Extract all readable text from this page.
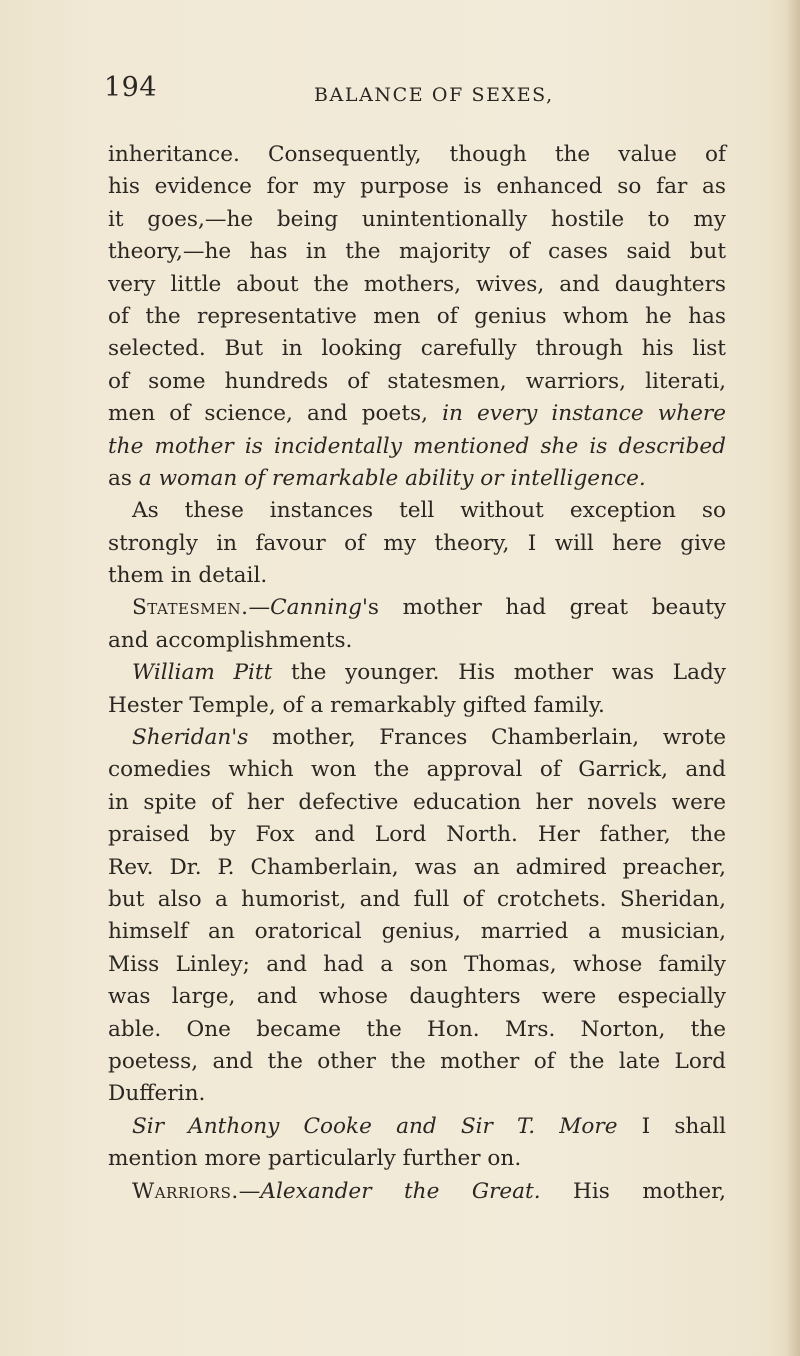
194	BALANCE OF SEXES,
inheritance. Consequently, though the value of
his evidence for my purpose is enhanced so far as
it goes,—he being unintentionally hostile to my
theory,—he has in the majority of cases said but
very little about the mothers, wives, and daughters
of the representative men of genius whom he has
selected. But in looking carefully through his list
of some hundreds of statesmen, warriors, literati,
men of science, and poets, in every instance where
the mother is incidentally mentioned she is described
as a woman of remarkable ability or intelligence.
As these instances tell without exception so
strongly in favour of my theory, I will here give
them in detail.
Statesmen.—Canning's mother had great beauty
and accomplishments.
William Pitt the younger. His mother was Lady
Hester Temple, of a remarkably gifted family.
Sheridan's mother, Frances Chamberlain, wrote
comedies which won the approval of Garrick, and
in spite of her defective education her novels were
praised by Fox and Lord North. Her father, the
Rev. Dr. P. Chamberlain, was an admired preacher,
but also a humorist, and full of crotchets. Sheridan,
himself an oratorical genius, married a musician,
Miss Linley; and had a son Thomas, whose family
was large, and whose daughters were especially
able. One became the Hon. Mrs. Norton, the
poetess, and the other the mother of the late Lord
Dufferin.
Sir Anthony Cooke and Sir T. More I shall
mention more particularly further on.
Warriors.—Alexander the Great. His mother,
